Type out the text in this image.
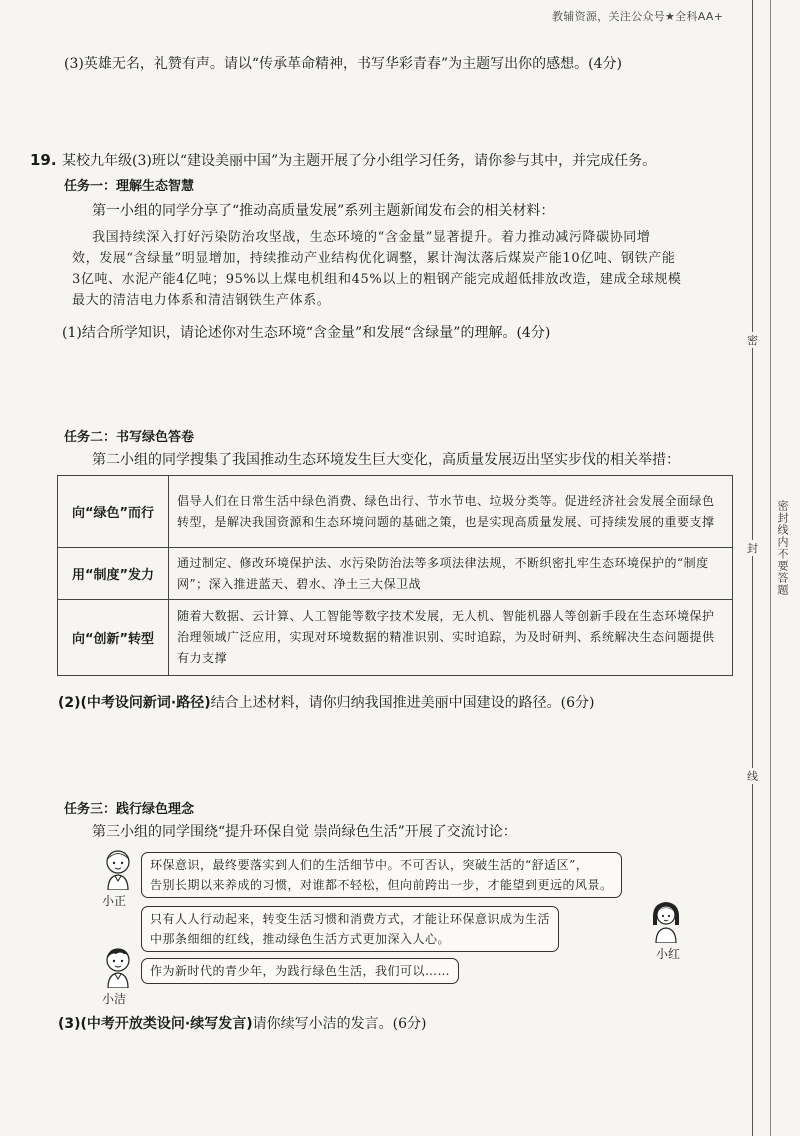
教辅资源，关注公众号★全科AA+
密
密封线内不要答题
封
线
(3)英雄无名，礼赞有声。请以“传承革命精神，书写华彩青春”为主题写出你的感想。(4分)
19. 某校九年级(3)班以“建设美丽中国”为主题开展了分小组学习任务，请你参与其中，并完成任务。
任务一：理解生态智慧
第一小组的同学分享了“推动高质量发展”系列主题新闻发布会的相关材料：
我国持续深入打好污染防治攻坚战，生态环境的“含金量”显著提升。着力推动减污降碳协同增
效，发展“含绿量”明显增加，持续推动产业结构优化调整，累计淘汰落后煤炭产能10亿吨、钢铁产能
3亿吨、水泥产能4亿吨；95%以上煤电机组和45%以上的粗钢产能完成超低排放改造，建成全球规模
最大的清洁电力体系和清洁钢铁生产体系。
(1)结合所学知识，请论述你对生态环境“含金量”和发展“含绿量”的理解。(4分)
任务二：书写绿色答卷
第二小组的同学搜集了我国推动生态环境发生巨大变化，高质量发展迈出坚实步伐的相关举措：
向“绿色”而行	倡导人们在日常生活中绿色消费、绿色出行、节水节电、垃圾分类等。促进经济社会发展全面绿色转型，是解决我国资源和生态环境问题的基础之策，也是实现高质量发展、可持续发展的重要支撑
用“制度”发力	通过制定、修改环境保护法、水污染防治法等多项法律法规，不断织密扎牢生态环境保护的“制度网”；深入推进蓝天、碧水、净土三大保卫战
向“创新”转型	随着大数据、云计算、人工智能等数字技术发展，无人机、智能机器人等创新手段在生态环境保护治理领域广泛应用，实现对环境数据的精准识别、实时追踪，为及时研判、系统解决生态问题提供有力支撑
(2)(中考设问新词·路径)结合上述材料，请你归纳我国推进美丽中国建设的路径。(6分)
任务三：践行绿色理念
第三小组的同学围绕“提升环保自觉 崇尚绿色生活”开展了交流讨论：
小正
环保意识，最终要落实到人们的生活细节中。不可否认，突破生活的“舒适区”，
告别长期以来养成的习惯，对谁都不轻松，但向前跨出一步，才能望到更远的风景。
只有人人行动起来，转变生活习惯和消费方式，才能让环保意识成为生活
中那条细细的红线，推动绿色生活方式更加深入人心。
小红
作为新时代的青少年，为践行绿色生活，我们可以……
小洁
(3)(中考开放类设问·续写发言)请你续写小洁的发言。(6分)
